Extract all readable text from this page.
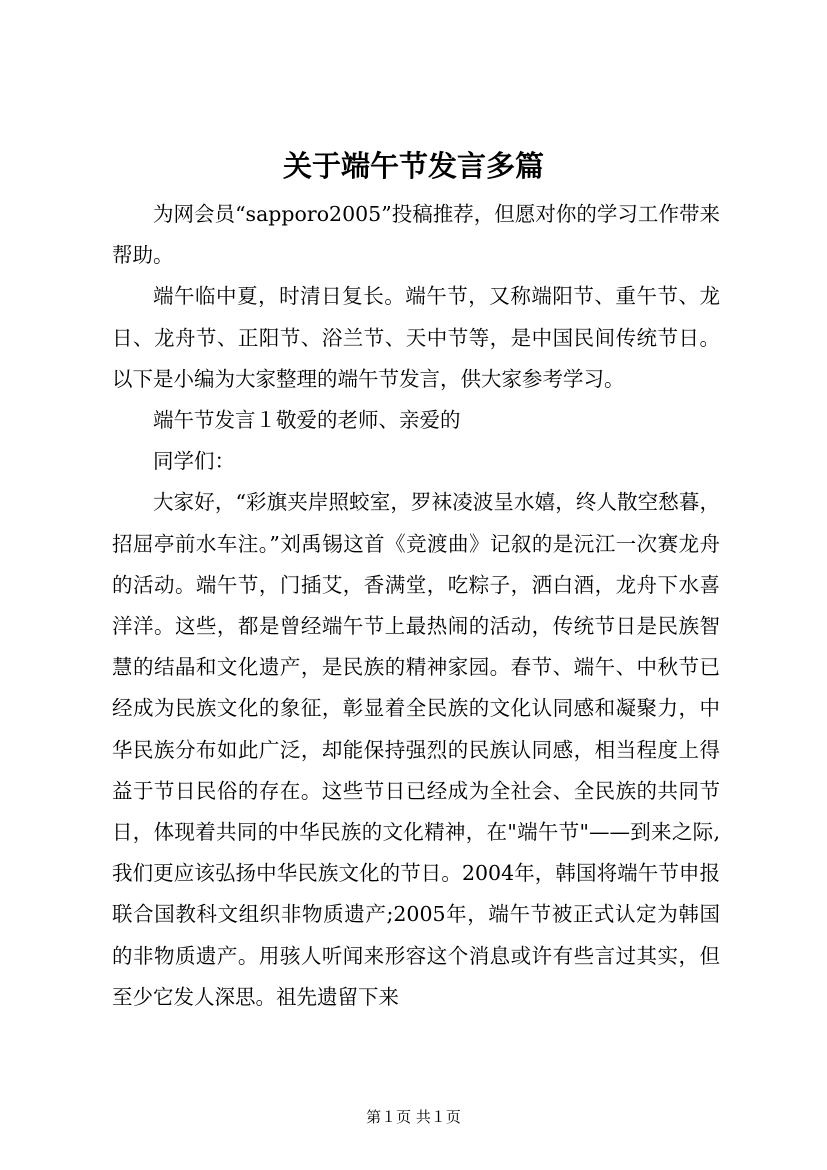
关于端午节发言多篇

为网会员“sapporo2005”投稿推荐，但愿对你的学习工作带来帮助。

端午临中夏，时清日复长。端午节，又称端阳节、重午节、龙日、龙舟节、正阳节、浴兰节、天中节等，是中国民间传统节日。以下是小编为大家整理的端午节发言，供大家参考学习。

端午节发言１敬爱的老师、亲爱的

同学们：

大家好，“彩旗夹岸照蛟室，罗袜凌波呈水嬉，终人散空愁暮，招屈亭前水车注。”刘禹锡这首《竞渡曲》记叙的是沅江一次赛龙舟的活动。端午节，门插艾，香满堂，吃粽子，洒白酒，龙舟下水喜洋洋。这些，都是曾经端午节上最热闹的活动，传统节日是民族智慧的结晶和文化遗产，是民族的精神家园。春节、端午、中秋节已经成为民族文化的象征，彰显着全民族的文化认同感和凝聚力，中华民族分布如此广泛，却能保持强烈的民族认同感，相当程度上得益于节日民俗的存在。这些节日已经成为全社会、全民族的共同节日，体现着共同的中华民族的文化精神，在"端午节"——到来之际,我们更应该弘扬中华民族文化的节日。2004年，韩国将端午节申报联合国教科文组织非物质遗产;2005年，端午节被正式认定为韩国的非物质遗产。用骇人听闻来形容这个消息或许有些言过其实，但至少它发人深思。祖先遗留下来

第１页 共１页
